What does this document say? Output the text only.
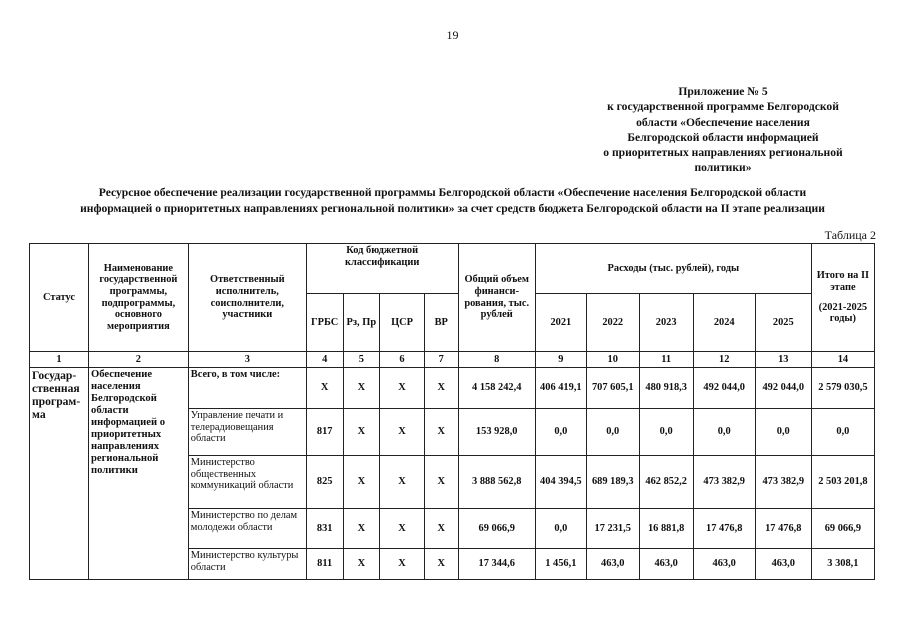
19
Приложение № 5
к государственной программе Белгородской
области «Обеспечение населения
Белгородской области информацией
о приоритетных направлениях региональной
политики»
Ресурсное обеспечение реализации государственной программы Белгородской области «Обеспечение населения Белгородской области
информацией о приоритетных направлениях региональной политики» за счет средств бюджета Белгородской области на II этапе реализации
Таблица 2
Статус	Наименование государственной программы, подпрограммы, основного мероприятия	Ответственный исполнитель, соисполнители, участники	Код бюджетной классификации				Общий объем финанси-рования, тыс. рублей	Расходы (тыс. рублей), годы					Итого на II этапе
(2021-2025 годы)

			ГРБС	Рз, Пр	ЦСР	ВР		2021	2022	2023	2024	2025	
1	2	3	4	5	6	7	8	9	10	11	12	13	14
Государ-ственная програм-ма	Обеспечение населения Белгородской области информацией о приоритетных направлениях региональной политики	Всего, в том числе:	Х	Х	Х	Х	4 158 242,4	406 419,1	707 605,1	480 918,3	492 044,0	492 044,0	2 579 030,5
		Управление печати и телерадиовещания области	817	Х	Х	Х	153 928,0	0,0	0,0	0,0	0,0	0,0	0,0
		Министерство общественных коммуникаций области	825	Х	Х	Х	3 888 562,8	404 394,5	689 189,3	462 852,2	473 382,9	473 382,9	2 503 201,8
		Министерство по делам молодежи области	831	Х	Х	Х	69 066,9	0,0	17 231,5	16 881,8	17 476,8	17 476,8	69 066,9
		Министерство культуры области	811	Х	Х	Х	17 344,6	1 456,1	463,0	463,0	463,0	463,0	3 308,1
